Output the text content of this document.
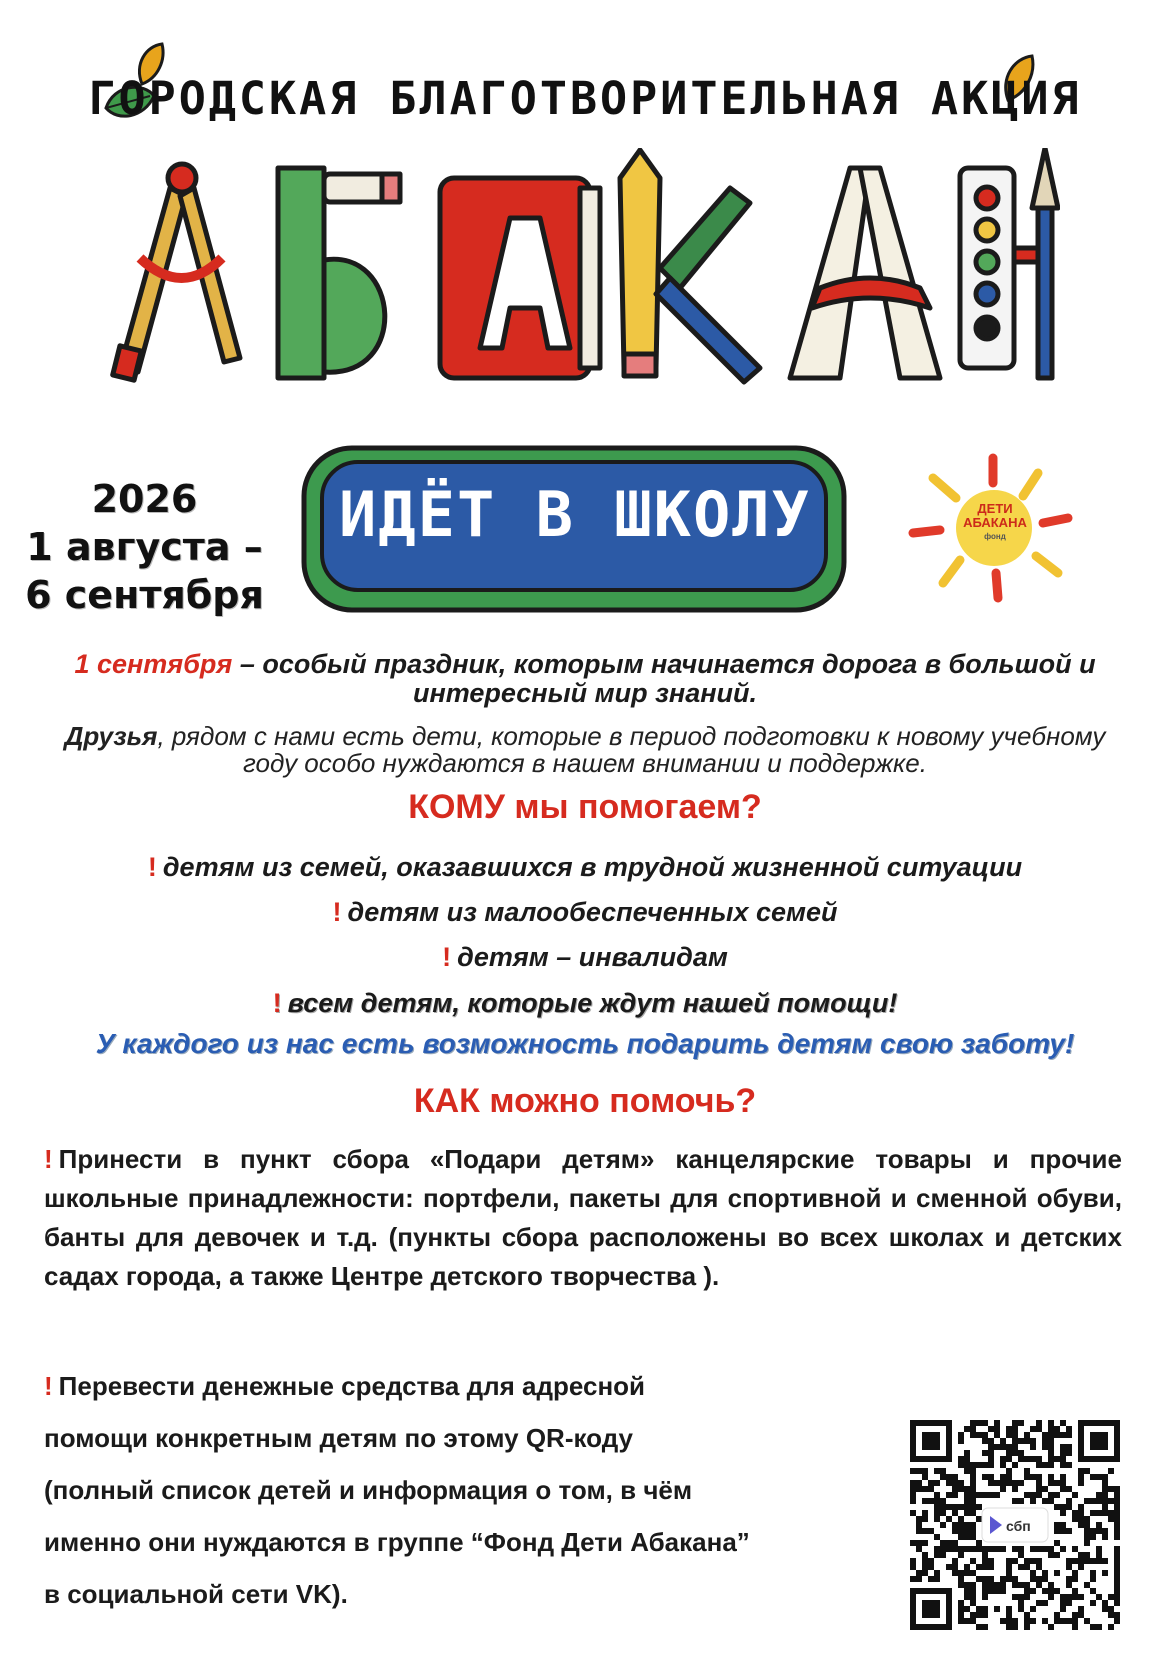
ГОРОДСКАЯ БЛАГОТВОРИТЕЛЬНАЯ АКЦИЯ
2026
1 августа –
6 сентября
ИДЁТ В ШКОЛУ	ДЕТИ АБАКАНА
фонд
1 сентября – особый праздник, которым начинается дорога в большой и интересный мир знаний.
Друзья, рядом с нами есть дети, которые в период подготовки к новому учебному году особо нуждаются в нашем внимании и поддержке.
КОМУ мы помогаем?
! детям из семей, оказавшихся в трудной жизненной ситуации
! детям из малообеспеченных семей
! детям – инвалидам
! всем детям, которые ждут нашей помощи!
У каждого из нас есть возможность подарить детям свою заботу!
КАК можно помочь?
! Принести в пункт сбора «Подари детям» канцелярские товары и прочие школьные принадлежности: портфели, пакеты для спортивной и сменной обуви, банты для девочек и т.д. (пункты сбора расположены во всех школах и детских садах города, а также Центре детского творчества ).
! Перевести денежные средства для адресной
помощи конкретным детям по этому QR-коду
(полный список детей и информация о том, в чём
именно они нуждаются в группе “Фонд Дети Абакана”
в социальной сети VK).
сбп
